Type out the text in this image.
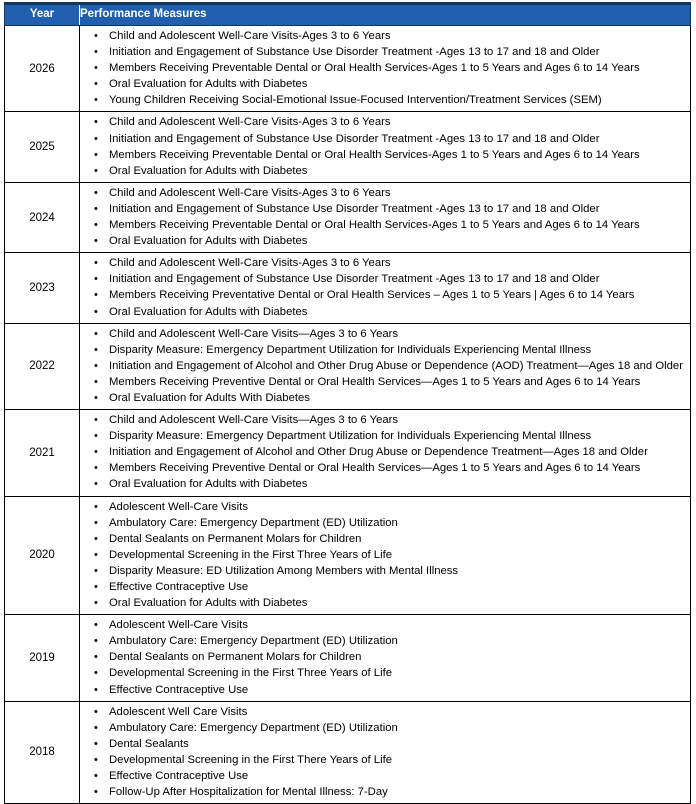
Year	Performance Measures
2026	
• Child and Adolescent Well-Care Visits-Ages 3 to 6 Years
• Initiation and Engagement of Substance Use Disorder Treatment -Ages 13 to 17 and 18 and Older
• Members Receiving Preventable Dental or Oral Health Services-Ages 1 to 5 Years and Ages 6 to 14 Years
• Oral Evaluation for Adults with Diabetes
• Young Children Receiving Social-Emotional Issue-Focused Intervention/Treatment Services (SEM)

2025	
• Child and Adolescent Well-Care Visits-Ages 3 to 6 Years
• Initiation and Engagement of Substance Use Disorder Treatment -Ages 13 to 17 and 18 and Older
• Members Receiving Preventable Dental or Oral Health Services-Ages 1 to 5 Years and Ages 6 to 14 Years
• Oral Evaluation for Adults with Diabetes

2024	
• Child and Adolescent Well-Care Visits-Ages 3 to 6 Years
• Initiation and Engagement of Substance Use Disorder Treatment -Ages 13 to 17 and 18 and Older
• Members Receiving Preventable Dental or Oral Health Services-Ages 1 to 5 Years and Ages 6 to 14 Years
• Oral Evaluation for Adults with Diabetes

2023	
• Child and Adolescent Well-Care Visits-Ages 3 to 6 Years
• Initiation and Engagement of Substance Use Disorder Treatment -Ages 13 to 17 and 18 and Older
• Members Receiving Preventative Dental or Oral Health Services – Ages 1 to 5 Years | Ages 6 to 14 Years
• Oral Evaluation for Adults with Diabetes

2022	
• Child and Adolescent Well-Care Visits—Ages 3 to 6 Years
• Disparity Measure: Emergency Department Utilization for Individuals Experiencing Mental Illness
• Initiation and Engagement of Alcohol and Other Drug Abuse or Dependence (AOD) Treatment—Ages 18 and Older
• Members Receiving Preventive Dental or Oral Health Services—Ages 1 to 5 Years and Ages 6 to 14 Years
• Oral Evaluation for Adults With Diabetes

2021	
• Child and Adolescent Well-Care Visits—Ages 3 to 6 Years
• Disparity Measure: Emergency Department Utilization for Individuals Experiencing Mental Illness
• Initiation and Engagement of Alcohol and Other Drug Abuse or Dependence Treatment—Ages 18 and Older
• Members Receiving Preventive Dental or Oral Health Services—Ages 1 to 5 Years and Ages 6 to 14 Years
• Oral Evaluation for Adults with Diabetes

2020	
• Adolescent Well-Care Visits
• Ambulatory Care: Emergency Department (ED) Utilization
• Dental Sealants on Permanent Molars for Children
• Developmental Screening in the First Three Years of Life
• Disparity Measure: ED Utilization Among Members with Mental Illness
• Effective Contraceptive Use
• Oral Evaluation for Adults with Diabetes

2019	
• Adolescent Well-Care Visits
• Ambulatory Care: Emergency Department (ED) Utilization
• Dental Sealants on Permanent Molars for Children
• Developmental Screening in the First Three Years of Life
• Effective Contraceptive Use

2018	
• Adolescent Well Care Visits
• Ambulatory Care: Emergency Department (ED) Utilization
• Dental Sealants
• Developmental Screening in the First There Years of Life
• Effective Contraceptive Use
• Follow-Up After Hospitalization for Mental Illness: 7-Day
